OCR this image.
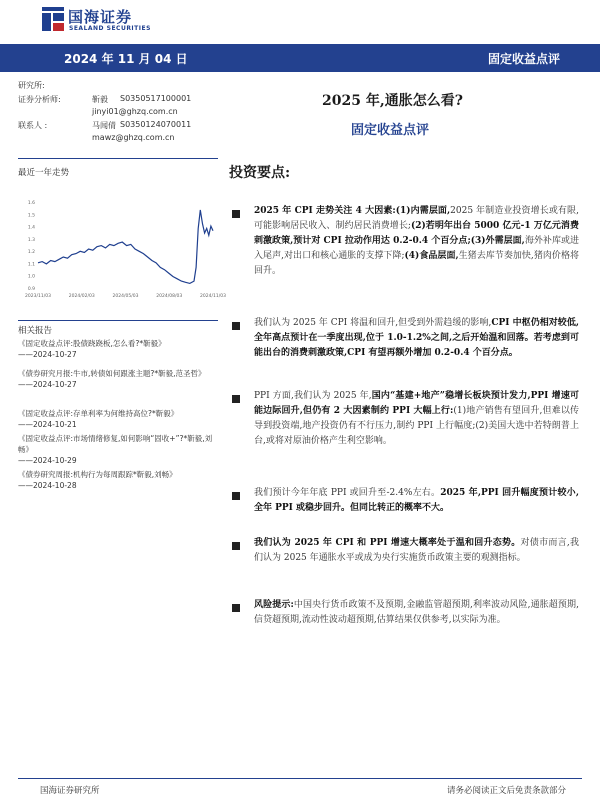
国海证券
SEALAND SECURITIES
2024 年 11 月 04 日	固定收益点评
研究所:
证券分析师:	靳毅 S0350517100001
jinyi01@ghzq.com.cn
联系人 :	马闻倩 S0350124070011
mawz@ghzq.com.cn
2025 年,通胀怎么看?
固定收益点评
最近一年走势
1.6
1.5
1.4
1.3
1.2
1.1
1.0
0.9
2023/11/03	2024/02/03	2024/05/03	2024/08/03	2024/11/03
相关报告
《固定收益点评:股债跷跷板,怎么看?*靳毅》
——2024-10-27
《债券研究月报:牛市,转债如何跟涨主题?*靳毅,范圣哲》
——2024-10-27
《固定收益点评:存单利率为何维持高位?*靳毅》
——2024-10-21
《固定收益点评:市场情绪修复,如何影响“固收+”?*靳毅,刘畅》
——2024-10-29
《债券研究周报:机构行为每周跟踪*靳毅,刘畅》
——2024-10-28
投资要点:
2025 年 CPI 走势关注 4 大因素:(1)内需层面,2025 年制造业投资增长或有限,可能影响居民收入、制约居民消费增长;(2)若明年出台 5000 亿元-1 万亿元消费刺激政策,预计对 CPI 拉动作用达 0.2-0.4 个百分点;(3)外需层面,海外补库或进入尾声,对出口和核心通胀的支撑下降;(4)食品层面,生猪去库节奏加快,猪肉价格将回升。
我们认为 2025 年 CPI 将温和回升,但受到外需趋缓的影响,CPI 中枢仍相对较低,全年高点预计在一季度出现,位于 1.0-1.2%之间,之后开始温和回落。若考虑到可能出台的消费刺激政策,CPI 有望再额外增加 0.2-0.4 个百分点。
PPI 方面,我们认为 2025 年,国内“基建+地产”稳增长板块预计发力,PPI 增速可能边际回升,但仍有 2 大因素制约 PPI 大幅上行:(1)地产销售有望回升,但难以传导到投资端,地产投资仍有不行压力,制约 PPI 上行幅度;(2)美国大选中若特朗普上台,或将对原油价格产生利空影响。
我们预计今年年底 PPI 或回升至-2.4%左右。2025 年,PPI 回升幅度预计较小,全年 PPI 或稳步回升。但同比转正的概率不大。
我们认为 2025 年 CPI 和 PPI 增速大概率处于温和回升态势。对债市而言,我们认为 2025 年通胀水平或成为央行实施货币政策主要的观测指标。
风险提示:中国央行货币政策不及预期,金融监管超预期,利率波动风险,通胀超预期,信贷超预期,流动性波动超预期,估算结果仅供参考,以实际为准。
国海证券研究所	请务必阅读正文后免责条款部分
